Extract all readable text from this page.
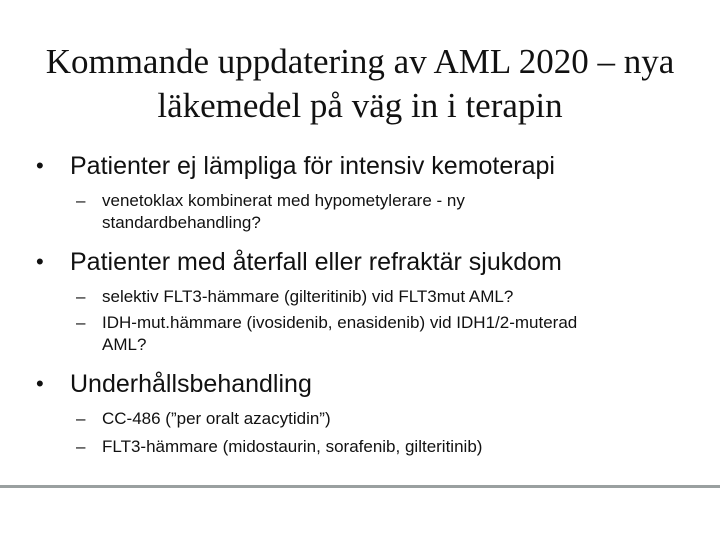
Kommande uppdatering av AML 2020 – nya
läkemedel på väg in i terapin
• Patienter ej lämpliga för intensiv kemoterapi
– venetoklax kombinerat med hypometylerare - ny
standardbehandling?
• Patienter med återfall eller refraktär sjukdom
– selektiv FLT3-hämmare (gilteritinib) vid FLT3mut AML?
– IDH-mut.hämmare (ivosidenib, enasidenib) vid IDH1/2-muterad
AML?
• Underhållsbehandling
– CC-486 (”per oralt azacytidin”)
– FLT3-hämmare (midostaurin, sorafenib, gilteritinib)
